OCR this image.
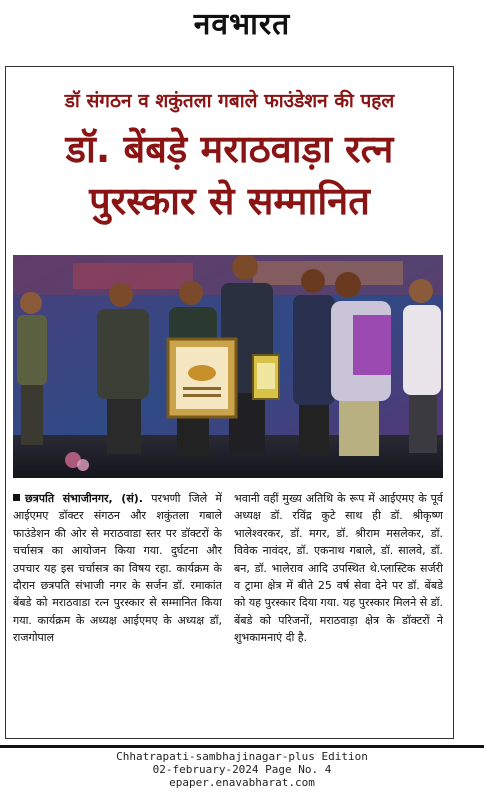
नवभारत
डॉ संगठन व शकुंतला गबाले फाउंडेशन की पहल
डॉ. बेंबड़े मराठवाड़ा रत्न
पुरस्कार से सम्मानित
छत्रपति संभाजीनगर, (सं). परभणी जिले में आईएमए डॉक्टर संगठन और शकुंतला गबाले फाउंडेशन की ओर से मराठवाडा स्तर पर डॉक्टरों के चर्चासत्र का आयोजन किया गया. दुर्घटना और उपचार यह इस चर्चासत्र का विषय रहा. कार्यक्रम के दौरान छत्रपति संभाजी नगर के सर्जन डॉ. रमाकांत बेंबडे को मराठवाडा रत्न पुरस्कार से सम्मानित किया गया. कार्यक्रम के अध्यक्ष आईएमए के अध्यक्ष डॉ, राजगोपाल
भवानी वहीं मुख्य अतिथि के रूप में आईएमए के पूर्व अध्यक्ष डॉ. रविंद्र कुटे साथ ही डॉ. श्रीकृष्ण भालेश्वरकर, डॉ. मगर, डॉ. श्रीराम मसलेकर, डॉ. विवेक नावंदर, डॉ. एकनाथ गबाले, डॉ. सालवे, डॉ. बन, डॉ. भालेराव आदि उपस्थित थे.प्लास्टिक सर्जरी व ट्रामा क्षेत्र में बीते 25 वर्ष सेवा देने पर डॉ. बेंबडे को यह पुरस्कार दिया गया. यह पुरस्कार मिलने से डॉ. बेंबडे को परिजनों, मराठवाड़ा क्षेत्र के डॉक्टरों ने शुभकामनाएं दी है.
Chhatrapati-sambhajinagar-plus Edition
02-february-2024 Page No. 4
epaper.enavabharat.com
